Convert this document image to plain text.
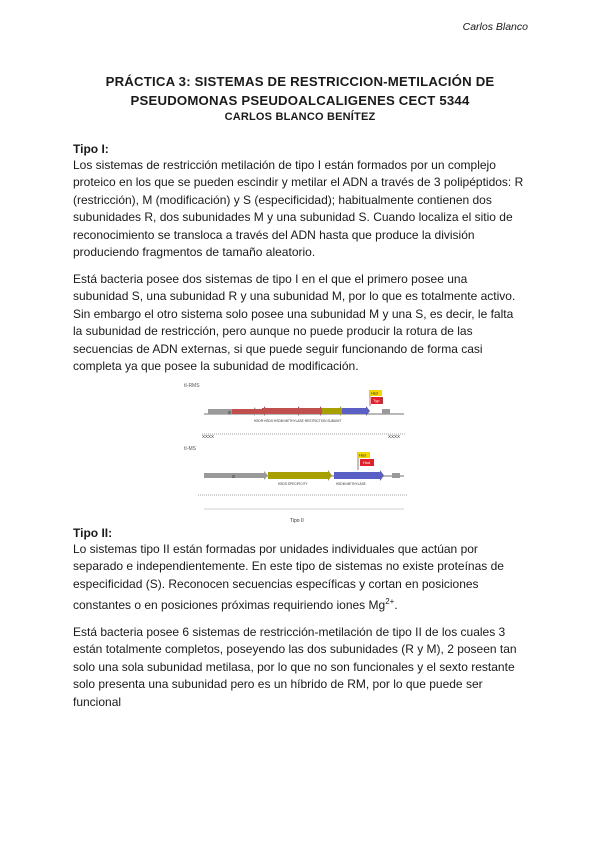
Carlos Blanco
PRÁCTICA 3: SISTEMAS DE RESTRICCION-METILACIÓN DE
PSEUDOMONAS PSEUDOALCALIGENES CECT 5344
CARLOS BLANCO BENÍTEZ
Tipo I:
Los sistemas de restricción metilación de tipo I están formados por un complejo
proteico en los que se pueden escindir y metilar el ADN a través de 3 polipéptidos: R
(restricción), M (modificación) y S (especificidad); habitualmente contienen dos
subunidades R, dos subunidades M y una subunidad S. Cuando localiza el sitio de
reconocimiento se transloca a través del ADN hasta que produce la división
produciendo fragmentos de tamaño aleatorio.
Está bacteria posee dos sistemas de tipo I en el que el primero posee una
subunidad S, una subunidad R y una subunidad M, por lo que es totalmente activo.
Sin embargo el otro sistema solo posee una subunidad M y una S, es decir, le falta
la subunidad de restricción, pero aunque no puede producir la rotura de las
secuencias de ADN externas, si que puede seguir funcionando de forma casi
completa ya que posee la subunidad de modificación.
tI-RMS
S
Hsd
Typ
HSDR·HSDS·HSDM·METHYLASE·RESTRICTION SUBUNIT
XXXX	XXXX
tI-MS
S
Hsd
Hsd
HSDS·SPECIFICITY	HSDM·METHYLASE
Tipo II
Tipo II:
Lo sistemas tipo II están formadas por unidades individuales que actúan por
separado e independientemente. En este tipo de sistemas no existe proteínas de
especificidad (S). Reconocen secuencias específicas y cortan en posiciones
constantes o en posiciones próximas requiriendo iones $Mg^{2+}$.
Está bacteria posee 6 sistemas de restricción-metilación de tipo II de los cuales 3
están totalmente completos, poseyendo las dos subunidades (R y M), 2 poseen tan
solo una sola subunidad metilasa, por lo que no son funcionales y el sexto restante
solo presenta una subunidad pero es un híbrido de RM, por lo que puede ser
funcional
